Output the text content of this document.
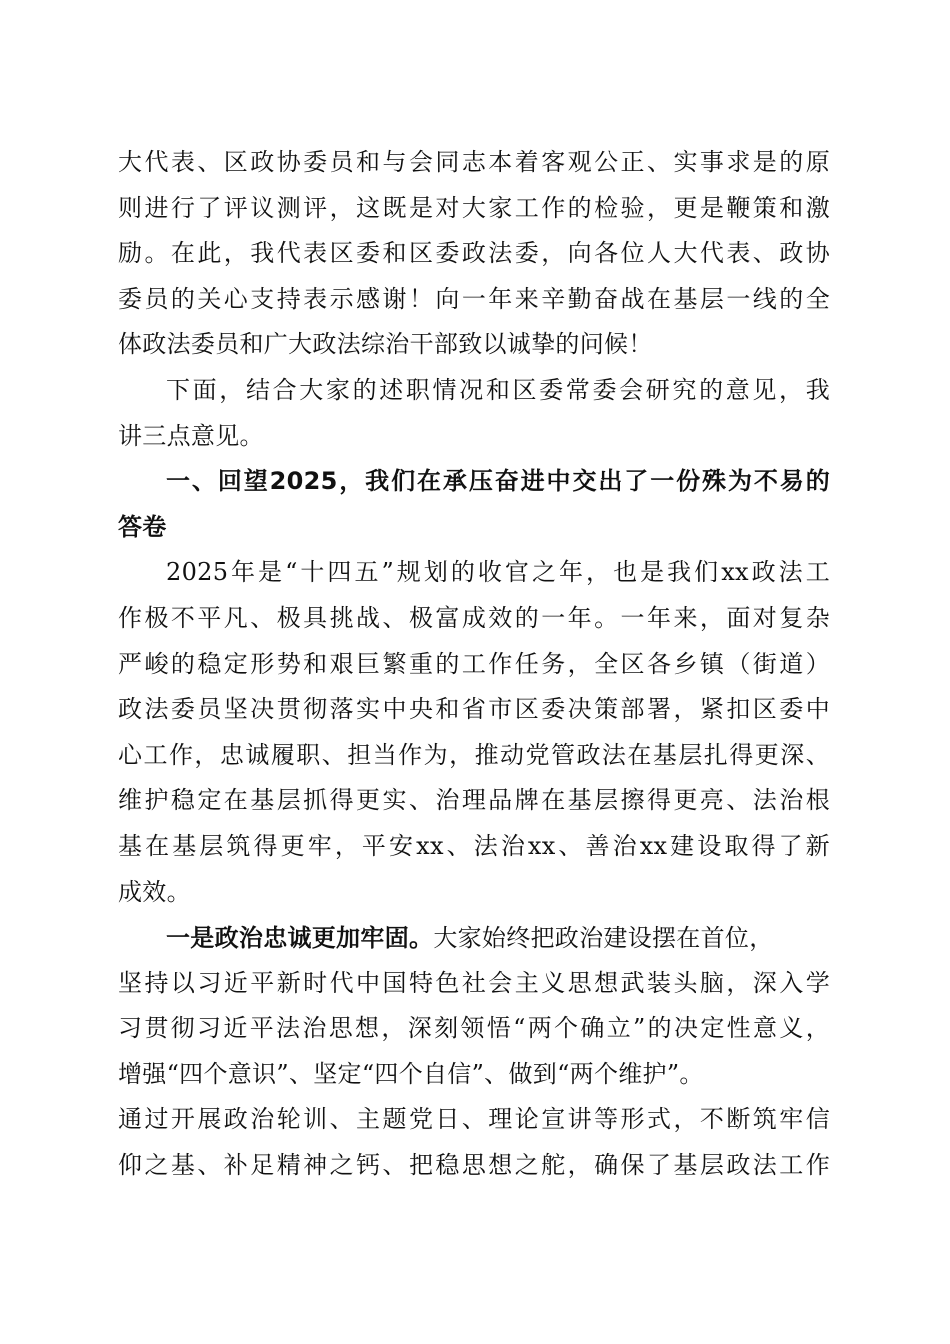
大代表、区政协委员和与会同志本着客观公正、实事求是的原
则进行了评议测评，这既是对大家工作的检验，更是鞭策和激
励。在此，我代表区委和区委政法委，向各位人大代表、政协
委员的关心支持表示感谢！向一年来辛勤奋战在基层一线的全
体政法委员和广大政法综治干部致以诚挚的问候！
下面，结合大家的述职情况和区委常委会研究的意见，我
讲三点意见。
一、回望2025，我们在承压奋进中交出了一份殊为不易的
答卷
2025年是“十四五”规划的收官之年，也是我们xx政法工
作极不平凡、极具挑战、极富成效的一年。一年来，面对复杂
严峻的稳定形势和艰巨繁重的工作任务，全区各乡镇（街道）
政法委员坚决贯彻落实中央和省市区委决策部署，紧扣区委中
心工作，忠诚履职、担当作为，推动党管政法在基层扎得更深、
维护稳定在基层抓得更实、治理品牌在基层擦得更亮、法治根
基在基层筑得更牢，平安xx、法治xx、善治xx建设取得了新
成效。
一是政治忠诚更加牢固。大家始终把政治建设摆在首位，
坚持以习近平新时代中国特色社会主义思想武装头脑，深入学
习贯彻习近平法治思想，深刻领悟“两个确立”的决定性意义，
增强“四个意识”、坚定“四个自信”、做到“两个维护”。
通过开展政治轮训、主题党日、理论宣讲等形式，不断筑牢信
仰之基、补足精神之钙、把稳思想之舵，确保了基层政法工作
